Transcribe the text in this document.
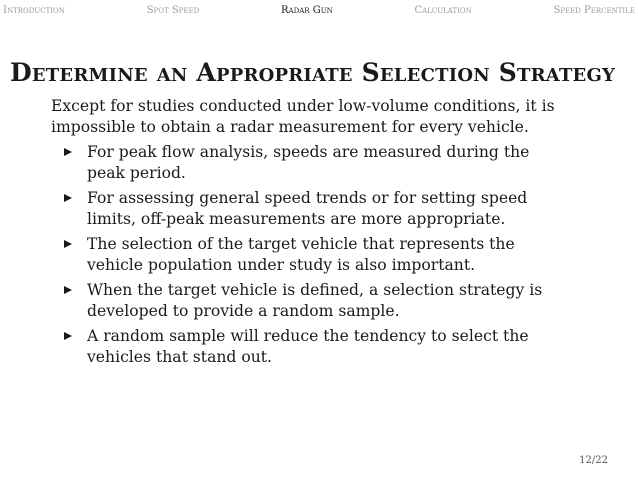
Introduction	Spot Speed	Radar Gun	Calculation	Speed Percentile
Determine an Appropriate Selection Strategy

Except for studies conducted under low-volume conditions, it is impossible to obtain a radar measurement for every vehicle.

For peak flow analysis, speeds are measured during the peak period.
For assessing general speed trends or for setting speed limits, off-peak measurements are more appropriate.
The selection of the target vehicle that represents the vehicle population under study is also important.
When the target vehicle is defined, a selection strategy is developed to provide a random sample.
A random sample will reduce the tendency to select the vehicles that stand out.
12/22
